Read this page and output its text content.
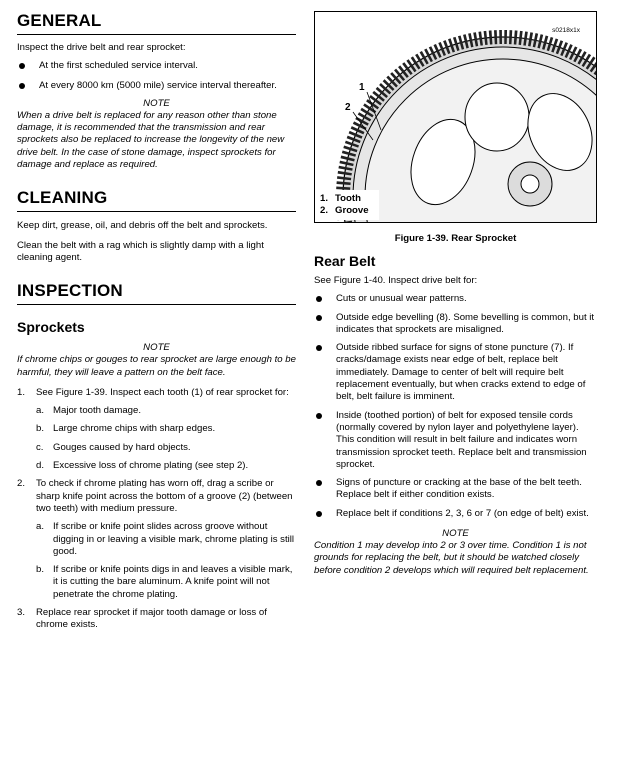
GENERAL

Inspect the drive belt and rear sprocket:

At the first scheduled service interval.
At every 8000 km (5000 mile) service interval thereafter.
NOTE

When a drive belt is replaced for any reason other than stone damage, it is recommended that the transmission and rear sprockets also be replaced to increase the longevity of the new drive belt. In the case of stone damage, inspect sprockets for damage and replace as required.

CLEANING

Keep dirt, grease, oil, and debris off the belt and sprockets.

Clean the belt with a rag which is slightly damp with a light cleaning agent.

INSPECTION
Sprockets
NOTE

If chrome chips or gouges to rear sprocket are large enough to be harmful, they will leave a pattern on the belt face.

1. See Figure 1-39. Inspect each tooth (1) of rear sprocket for:
a. Major tooth damage.
b. Large chrome chips with sharp edges.
c. Gouges caused by hard objects.
d. Excessive loss of chrome plating (see step 2).
2. To check if chrome plating has worn off, drag a scribe or sharp knife point across the bottom of a groove (2) (between two teeth) with medium pressure.
a. If scribe or knife point slides across groove without digging in or leaving a visible mark, chrome plating is still good.
b. If scribe or knife points digs in and leaves a visible mark, it is cutting the bare aluminum. A knife point will not penetrate the chrome plating.
3. Replace rear sprocket if major tooth damage or loss of chrome exists.
s0218x1x
1
2
1. Tooth
2. Groove
Figure 1-39. Rear Sprocket
Rear Belt

See Figure 1-40. Inspect drive belt for:

Cuts or unusual wear patterns.
Outside edge bevelling (8). Some bevelling is common, but it indicates that sprockets are misaligned.
Outside ribbed surface for signs of stone puncture (7). If cracks/damage exists near edge of belt, replace belt immediately. Damage to center of belt will require belt replacement eventually, but when cracks extend to edge of belt, belt failure is imminent.
Inside (toothed portion) of belt for exposed tensile cords (normally covered by nylon layer and polyethylene layer). This condition will result in belt failure and indicates worn transmission sprocket teeth. Replace belt and transmission sprocket.
Signs of puncture or cracking at the base of the belt teeth. Replace belt if either condition exists.
Replace belt if conditions 2, 3, 6 or 7 (on edge of belt) exist.
NOTE

Condition 1 may develop into 2 or 3 over time. Condition 1 is not grounds for replacing the belt, but it should be watched closely before condition 2 develops which will required belt replacement.
